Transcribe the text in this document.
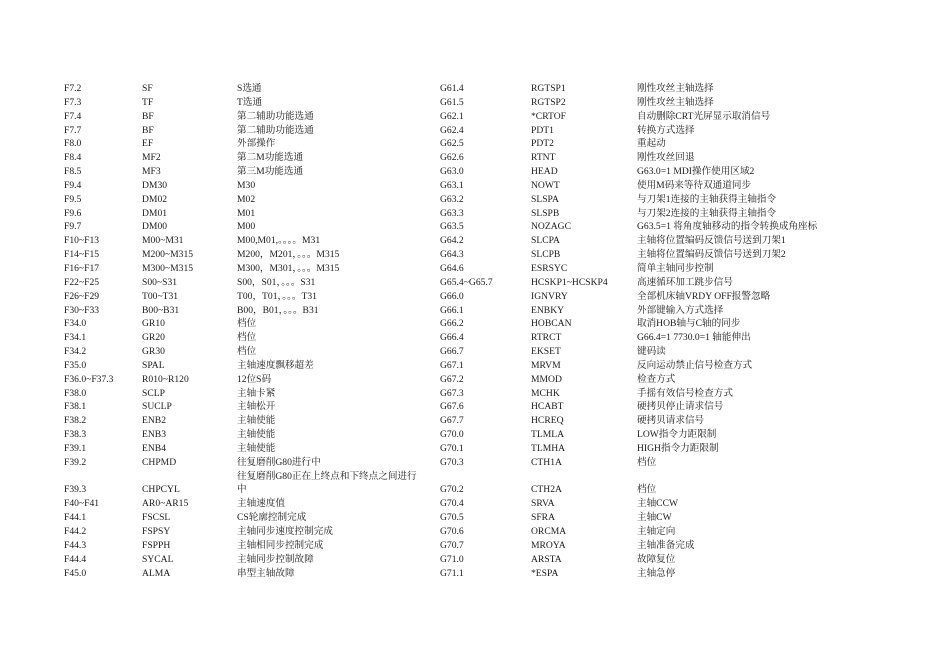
F7.2	SF	S选通
F7.3	TF	T选通
F7.4	BF	第二辅助功能选通
F7.7	BF	第二辅助功能选通
F8.0	EF	外部操作
F8.4	MF2	第二M功能选通
F8.5	MF3	第三M功能选通
F9.4	DM30	M30
F9.5	DM02	M02
F9.6	DM01	M01
F9.7	DM00	M00
F10~F13	M00~M31	M00,M01,。。。。M31
F14~F15	M200~M315	M200，M201，。。。M315
F16~F17	M300~M315	M300，M301，。。。M315
F22~F25	S00~S31	S00，S01，。。。S31
F26~F29	T00~T31	T00，T01，。。。T31
F30~F33	B00~B31	B00，B01，。。。B31
F34.0	GR10	档位
F34.1	GR20	档位
F34.2	GR30	档位
F35.0	SPAL	主轴速度飘移超差
F36.0~F37.3	R010~R120	12位S码
F38.0	SCLP	主轴卡紧
F38.1	SUCLP	主轴松开
F38.2	ENB2	主轴使能
F38.3	ENB3	主轴使能
F39.1	ENB4	主轴使能
F39.2	CHPMD	往复磨削G80进行中
F39.3	CHPCYL
往复磨削G80正在上终点和下终点之间进行中
F40~F41	AR0~AR15	主轴速度值
F44.1	FSCSL	CS轮廓控制完成
F44.2	FSPSY	主轴同步速度控制完成
F44.3	FSPPH	主轴相同步控制完成
F44.4	SYCAL	主轴同步控制故障
F45.0	ALMA	串型主轴故障
G61.4	RGTSP1	刚性攻丝主轴选择
G61.5	RGTSP2	刚性攻丝主轴选择
G62.1	*CRTOF	自动删除CRT光屏显示取消信号
G62.4	PDT1	转换方式选择
G62.5	PDT2	重起动
G62.6	RTNT	刚性攻丝回退
G63.0	HEAD	G63.0=1 MDI操作使用区域2
G63.1	NOWT	使用M码来等待双通道同步
G63.2	SLSPA	与刀架1连接的主轴获得主轴指令
G63.3	SLSPB	与刀架2连接的主轴获得主轴指令
G63.5	NOZAGC	G63.5=1 将角度轴移动的指令转换成角座标
G64.2	SLCPA	主轴将位置编码反馈信号送到刀架1
G64.3	SLCPB	主轴将位置编码反馈信号送到刀架2
G64.6	ESRSYC	简单主轴同步控制
G65.4~G65.7	HCSKP1~HCSKP4	高速循环加工跳步信号
G66.0	IGNVRY	全部机床轴VRDY OFF报警忽略
G66.1	ENBKY	外部键输入方式选择
G66.2	HOBCAN	取消HOB轴与C轴的同步
G66.4	RTRCT	G66.4=1 7730.0=1 轴能伸出
G66.7	EKSET	键码读
G67.1	MRVM	反向运动禁止信号检查方式
G67.2	MMOD	检查方式
G67.3	MCHK	手摇有效信号检查方式
G67.6	HCABT	硬拷贝停止请求信号
G67.7	HCREQ	硬拷贝请求信号
G70.0	TLMLA	LOW指令力距限制
G70.1	TLMHA	HIGH指令力距限制
G70.3	CTH1A	档位
G70.2	CTH2A	档位
G70.4	SRVA	主轴CCW
G70.5	SFRA	主轴CW
G70.6	ORCMA	主轴定向
G70.7	MROYA	主轴准备完成
G71.0	ARSTA	故障复位
G71.1	*ESPA	主轴急停
